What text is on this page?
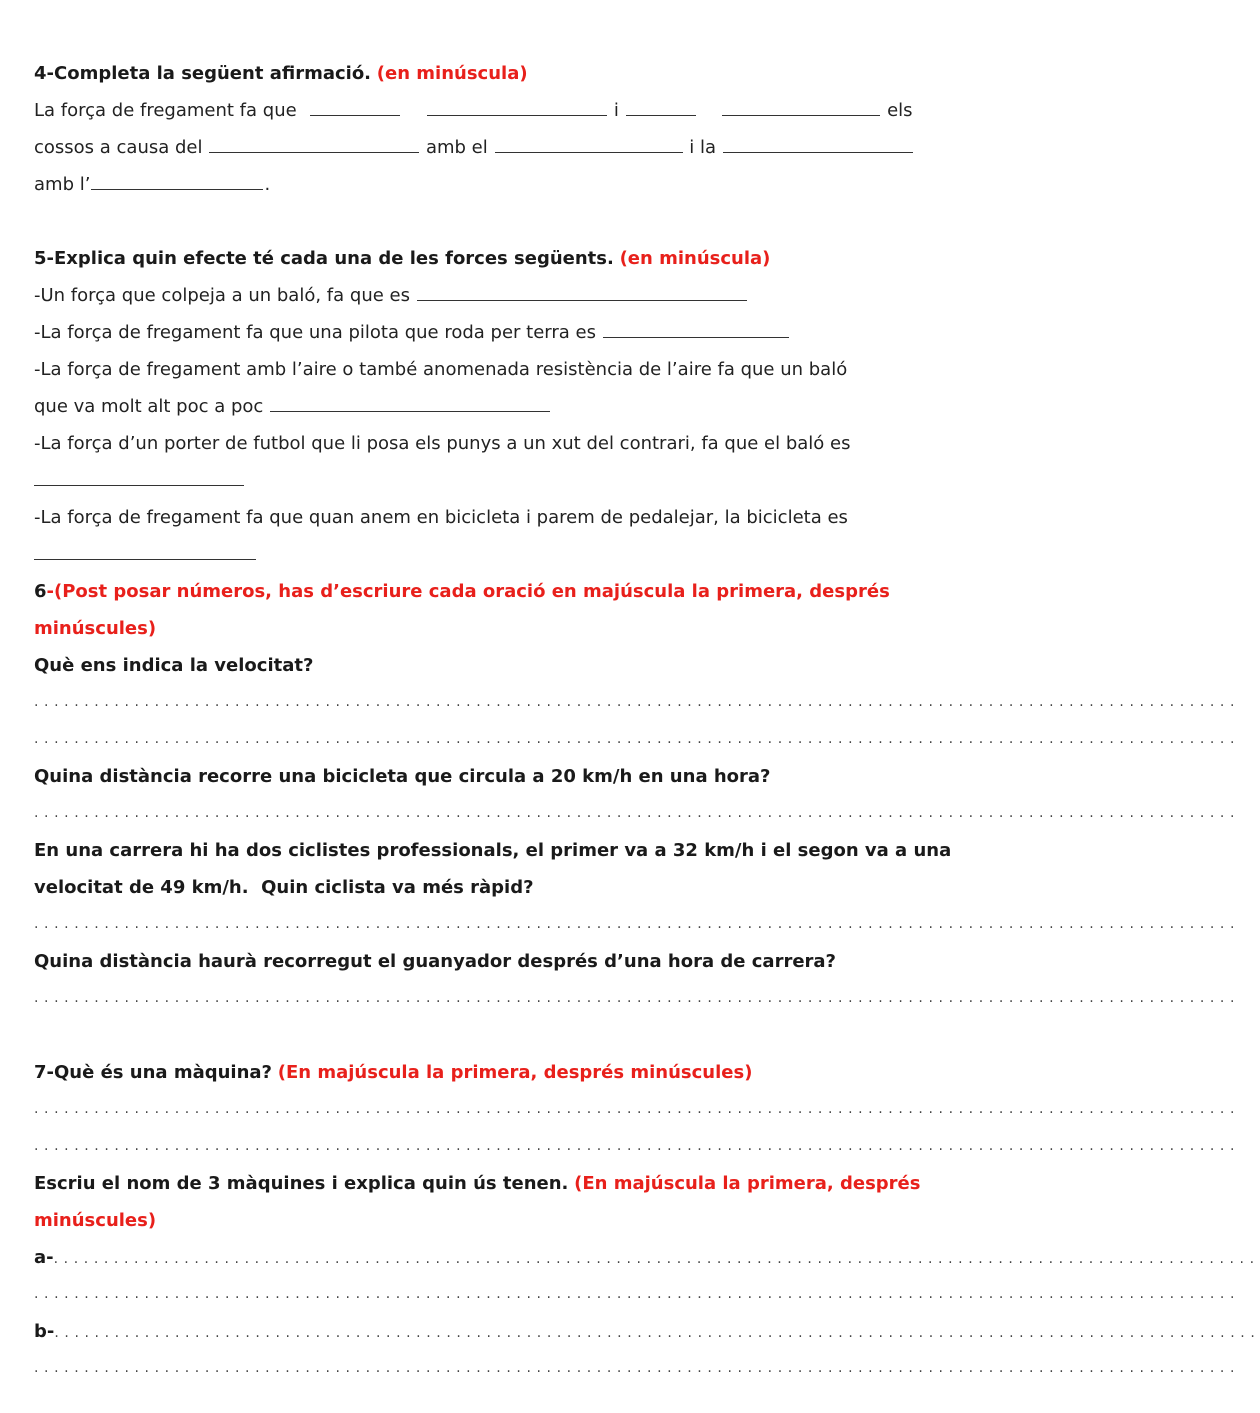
4-Completa la següent afirmació. (en minúscula)
La força de fregament fa que	i	els
cossos a causa del	amb el	i la
amb l’	.
5-Explica quin efecte té cada una de les forces següents. (en minúscula)
-Un força que colpeja a un baló, fa que es
-La força de fregament fa que una pilota que roda per terra es
-La força de fregament amb l’aire o també anomenada resistència de l’aire fa que un baló
que va molt alt poc a poc
-La força d’un porter de futbol que li posa els punys a un xut del contrari, fa que el baló es
-La força de fregament fa que quan anem en bicicleta i parem de pedalejar, la bicicleta es
6-(Post posar números, has d’escriure cada oració en majúscula la primera, després
minúscules)
Què ens indica la velocitat?
........................................................................................................................
........................................................................................................................
Quina distància recorre una bicicleta que circula a 20 km/h en una hora?
........................................................................................................................
En una carrera hi ha dos ciclistes professionals, el primer va a 32 km/h i el segon va a una
velocitat de 49 km/h.  Quin ciclista va més ràpid?
........................................................................................................................
Quina distància haurà recorregut el guanyador després d’una hora de carrera?
........................................................................................................................
7-Què és una màquina? (En majúscula la primera, després minúscules)
........................................................................................................................
........................................................................................................................
Escriu el nom de 3 màquines i explica quin ús tenen. (En majúscula la primera, després
minúscules)
a-........................................................................................................................
........................................................................................................................
b-........................................................................................................................
........................................................................................................................
